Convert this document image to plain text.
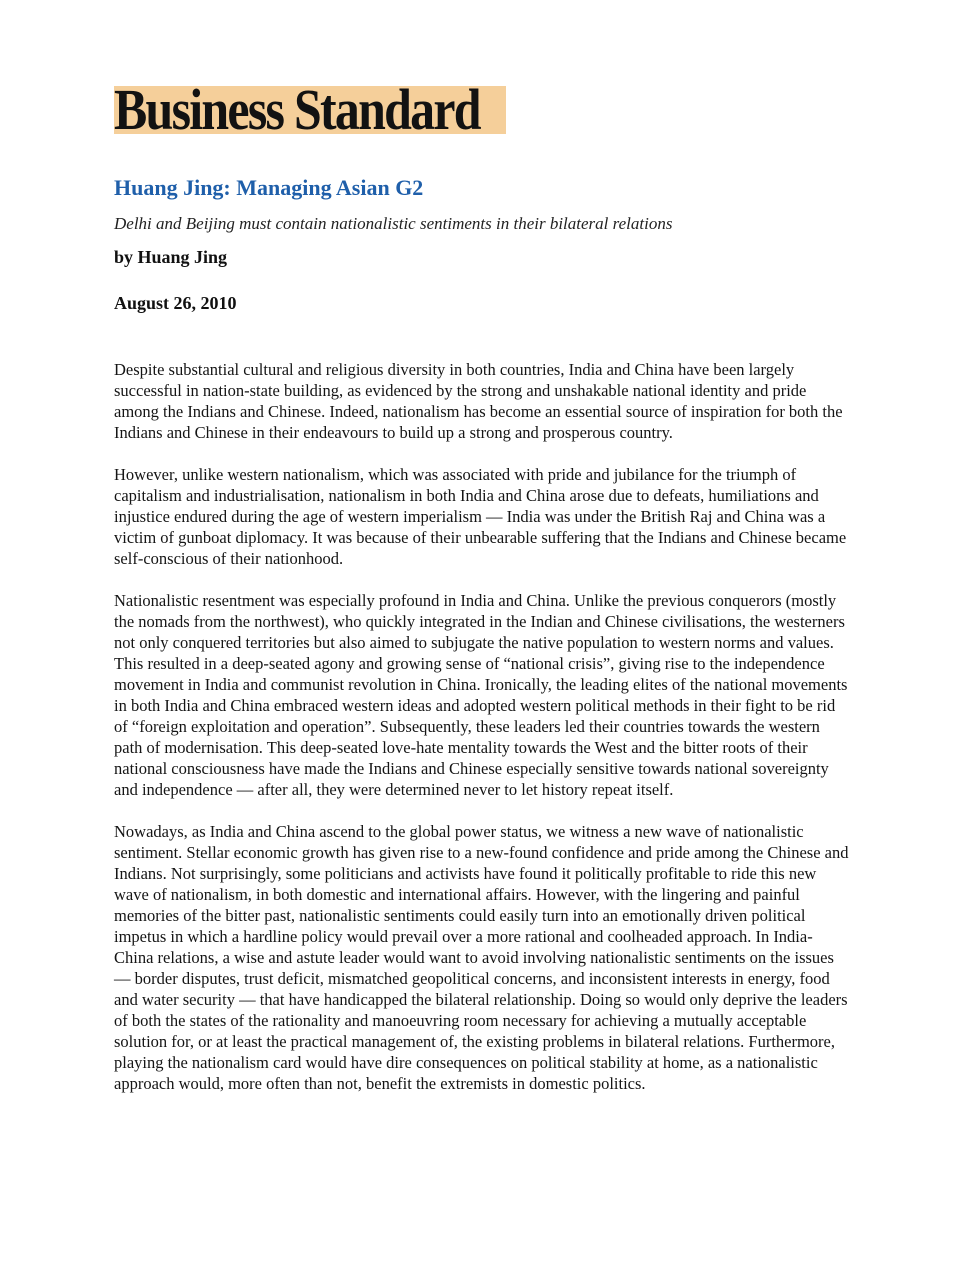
Business Standard
Huang Jing: Managing Asian G2
Delhi and Beijing must contain nationalistic sentiments in their bilateral relations
by Huang Jing
August 26, 2010

Despite substantial cultural and religious diversity in both countries, India and China have been largely successful in nation-state building, as evidenced by the strong and unshakable national identity and pride among the Indians and Chinese. Indeed, nationalism has become an essential source of inspiration for both the Indians and Chinese in their endeavours to build up a strong and prosperous country.

However, unlike western nationalism, which was associated with pride and jubilance for the triumph of capitalism and industrialisation, nationalism in both India and China arose due to defeats, humiliations and injustice endured during the age of western imperialism — India was under the British Raj and China was a victim of gunboat diplomacy. It was because of their unbearable suffering that the Indians and Chinese became self-conscious of their nationhood.

Nationalistic resentment was especially profound in India and China. Unlike the previous conquerors (mostly the nomads from the northwest), who quickly integrated in the Indian and Chinese civilisations, the westerners not only conquered territories but also aimed to subjugate the native population to western norms and values. This resulted in a deep-seated agony and growing sense of “national crisis”, giving rise to the independence movement in India and communist revolution in China. Ironically, the leading elites of the national movements in both India and China embraced western ideas and adopted western political methods in their fight to be rid of “foreign exploitation and operation”. Subsequently, these leaders led their countries towards the western path of modernisation. This deep-seated love-hate mentality towards the West and the bitter roots of their national consciousness have made the Indians and Chinese especially sensitive towards national sovereignty and independence — after all, they were determined never to let history repeat itself.

Nowadays, as India and China ascend to the global power status, we witness a new wave of nationalistic sentiment. Stellar economic growth has given rise to a new-found confidence and pride among the Chinese and Indians. Not surprisingly, some politicians and activists have found it politically profitable to ride this new wave of nationalism, in both domestic and international affairs. However, with the lingering and painful memories of the bitter past, nationalistic sentiments could easily turn into an emotionally driven political impetus in which a hardline policy would prevail over a more rational and coolheaded approach. In India-China relations, a wise and astute leader would want to avoid involving nationalistic sentiments on the issues — border disputes, trust deficit, mismatched geopolitical concerns, and inconsistent interests in energy, food and water security — that have handicapped the bilateral relationship. Doing so would only deprive the leaders of both the states of the rationality and manoeuvring room necessary for achieving a mutually acceptable solution for, or at least the practical management of, the existing problems in bilateral relations. Furthermore, playing the nationalism card would have dire consequences on political stability at home, as a nationalistic approach would, more often than not, benefit the extremists in domestic politics.
